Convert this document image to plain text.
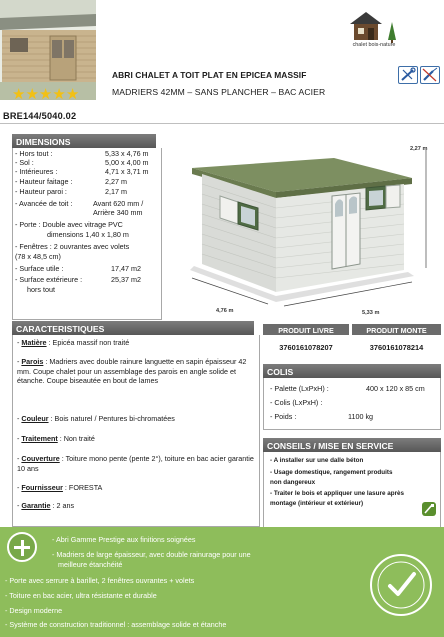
chalet bois-nature
ABRI CHALET A TOIT PLAT EN EPICEA MASSIF
MADRIERS 42MM – SANS PLANCHER – BAC ACIER
★★★★★
BRE144/5040.02
DIMENSIONS
- Hors tout :	5,33 x 4,76 m
- Sol :	5,00 x 4,00 m
- Intérieures :	4,71 x 3,71 m
- Hauteur faitage :	2,27 m
- Hauteur paroi :	2,17 m
- Avancée de toit :	Avant 620 mm /
Arrière 340 mm
- Porte : Double avec vitrage PVC
dimensions 1,40 x 1,80 m
- Fenêtres : 2 ouvrantes avec volets
(78 x 48,5 cm)
- Surface utile :	17,47 m2
- Surface extérieure :	25,37 m2
hors tout
2,27 m
4,76 m	5,33 m
CARACTERISTIQUES
- Matière : Epicéa massif non traité
- Parois : Madriers avec double rainure languette en sapin épaisseur 42 mm. Coupe chalet pour un assemblage des parois en angle solide et étanche. Coupe biseautée en bout de lames
- Couleur : Bois naturel / Pentures bi-chromatées
- Traitement : Non traité
- Couverture : Toiture mono pente (pente 2°), toiture en bac acier garantie 10 ans
- Fournisseur : FORESTA
- Garantie : 2 ans
PRODUIT LIVRE	PRODUIT MONTE
3760161078207	3760161078214
COLIS
- Palette (LxPxH) :	400 x 120 x 85 cm
- Colis (LxPxH) :
- Poids :	1100 kg
CONSEILS / MISE EN SERVICE
- A installer sur une dalle béton
- Usage domestique, rangement produits
non dangereux
- Traiter le bois et appliquer une lasure après
montage (intérieur et extérieur)
- Abri Gamme Prestige aux finitions soignées
- Madriers de large épaisseur, avec double rainurage pour une
meilleure étanchéité
- Porte avec serrure à barillet, 2 fenêtres ouvrantes + volets
- Toiture en bac acier, ultra résistante et durable
- Design moderne
- Système de construction traditionnel : assemblage solide et étanche
